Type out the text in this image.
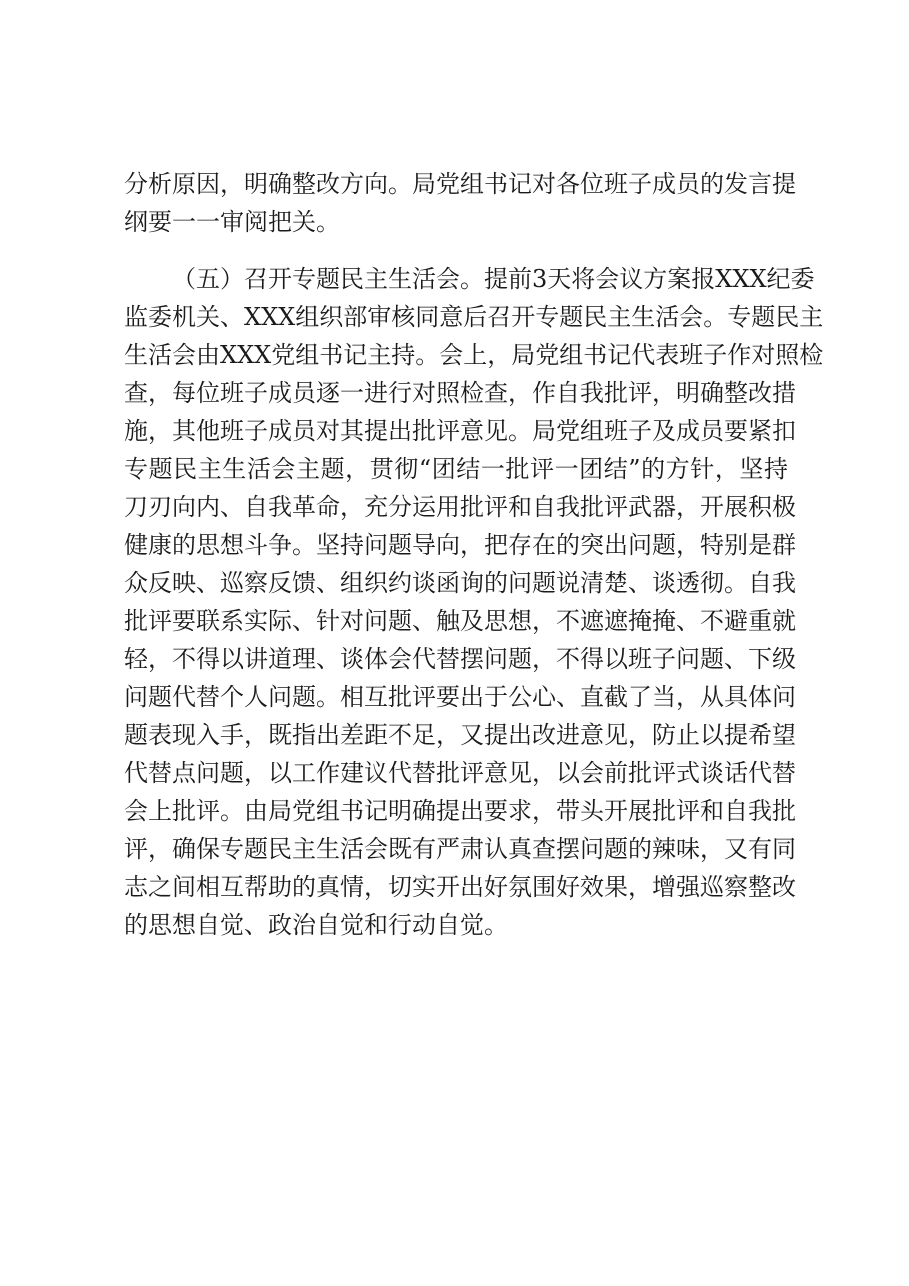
分析原因，明确整改方向。局党组书记对各位班子成员的发言提
纲要一一审阅把关。
（五）召开专题民主生活会。提前3天将会议方案报XXX纪委
监委机关、XXX组织部审核同意后召开专题民主生活会。专题民主
生活会由XXX党组书记主持。会上，局党组书记代表班子作对照检
查，每位班子成员逐一进行对照检查，作自我批评，明确整改措
施，其他班子成员对其提出批评意见。局党组班子及成员要紧扣
专题民主生活会主题，贯彻“团结一批评一团结”的方针，坚持
刀刃向内、自我革命，充分运用批评和自我批评武器，开展积极
健康的思想斗争。坚持问题导向，把存在的突出问题，特别是群
众反映、巡察反馈、组织约谈函询的问题说清楚、谈透彻。自我
批评要联系实际、针对问题、触及思想，不遮遮掩掩、不避重就
轻，不得以讲道理、谈体会代替摆问题，不得以班子问题、下级
问题代替个人问题。相互批评要出于公心、直截了当，从具体问
题表现入手，既指出差距不足，又提出改进意见，防止以提希望
代替点问题，以工作建议代替批评意见，以会前批评式谈话代替
会上批评。由局党组书记明确提出要求，带头开展批评和自我批
评，确保专题民主生活会既有严肃认真查摆问题的辣味，又有同
志之间相互帮助的真情，切实开出好氛围好效果，增强巡察整改
的思想自觉、政治自觉和行动自觉。
